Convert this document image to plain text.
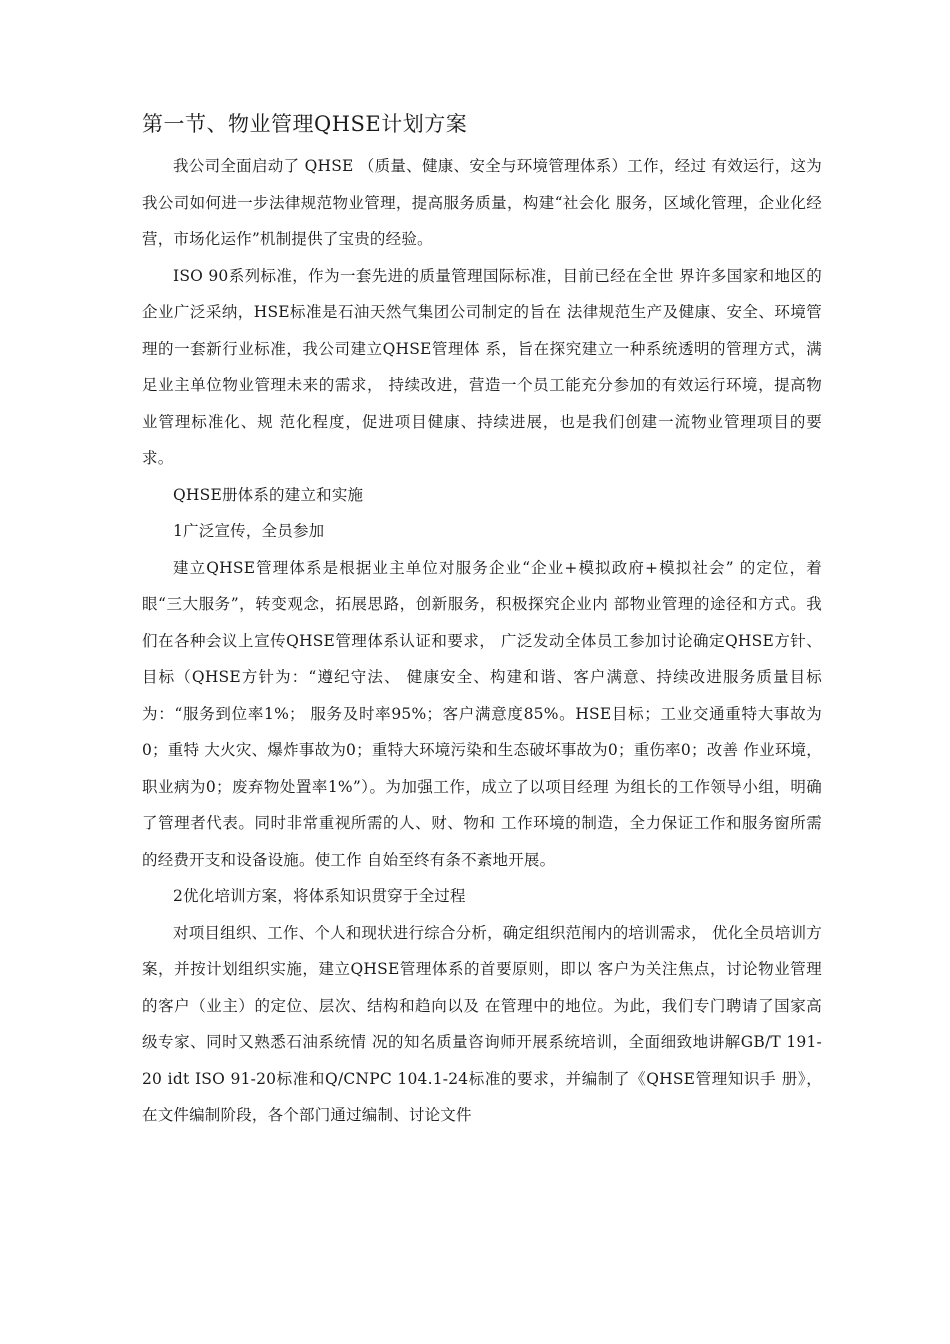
第一节、物业管理QHSE计划方案

我公司全面启动了 QHSE （质量、健康、安全与环境管理体系）工作，经过 有效运行，这为我公司如何进一步法律规范物业管理，提高服务质量，构建“社会化 服务，区域化管理，企业化经营，市场化运作”机制提供了宝贵的经验。

ISO 90系列标准，作为一套先进的质量管理国际标准，目前已经在全世 界许多国家和地区的企业广泛采纳，HSE标准是石油天然气集团公司制定的旨在 法律规范生产及健康、安全、环境管理的一套新行业标准，我公司建立QHSE管理体 系，旨在探究建立一种系统透明的管理方式，满足业主单位物业管理未来的需求， 持续改进，营造一个员工能充分参加的有效运行环境，提高物业管理标准化、规 范化程度，促进项目健康、持续进展，也是我们创建一流物业管理项目的要求。

QHSE册体系的建立和实施

1广泛宣传，全员参加

建立QHSE管理体系是根据业主单位对服务企业“企业+模拟政府+模拟社会” 的定位，着眼“三大服务”，转变观念，拓展思路，创新服务，积极探究企业内 部物业管理的途径和方式。我们在各种会议上宣传QHSE管理体系认证和要求， 广泛发动全体员工参加讨论确定QHSE方针、目标（QHSE方针为：“遵纪守法、 健康安全、构建和谐、客户满意、持续改进服务质量目标为：“服务到位率1%； 服务及时率95%；客户满意度85%。HSE目标；工业交通重特大事故为0；重特 大火灾、爆炸事故为0；重特大环境污染和生态破坏事故为0；重伤率0；改善 作业环境，职业病为0；废弃物处置率1%”）。为加强工作，成立了以项目经理 为组长的工作领导小组，明确了管理者代表。同时非常重视所需的人、财、物和 工作环境的制造，全力保证工作和服务窗所需的经费开支和设备设施。使工作 自始至终有条不紊地开展。

2优化培训方案，将体系知识贯穿于全过程

对项目组织、工作、个人和现状进行综合分析，确定组织范闱内的培训需求， 优化全员培训方案，并按计划组织实施，建立QHSE管理体系的首要原则，即以 客户为关注焦点，讨论物业管理的客户（业主）的定位、层次、结构和趋向以及 在管理中的地位。为此，我们专门聘请了国家高级专家、同时又熟悉石油系统情 况的知名质量咨询师开展系统培训，全面细致地讲解GB/T 191-20 idt ISO 91-20标准和Q/CNPC 104.1-24标准的要求，并编制了《QHSE管理知识手 册》，在文件编制阶段，各个部门通过编制、讨论文件
